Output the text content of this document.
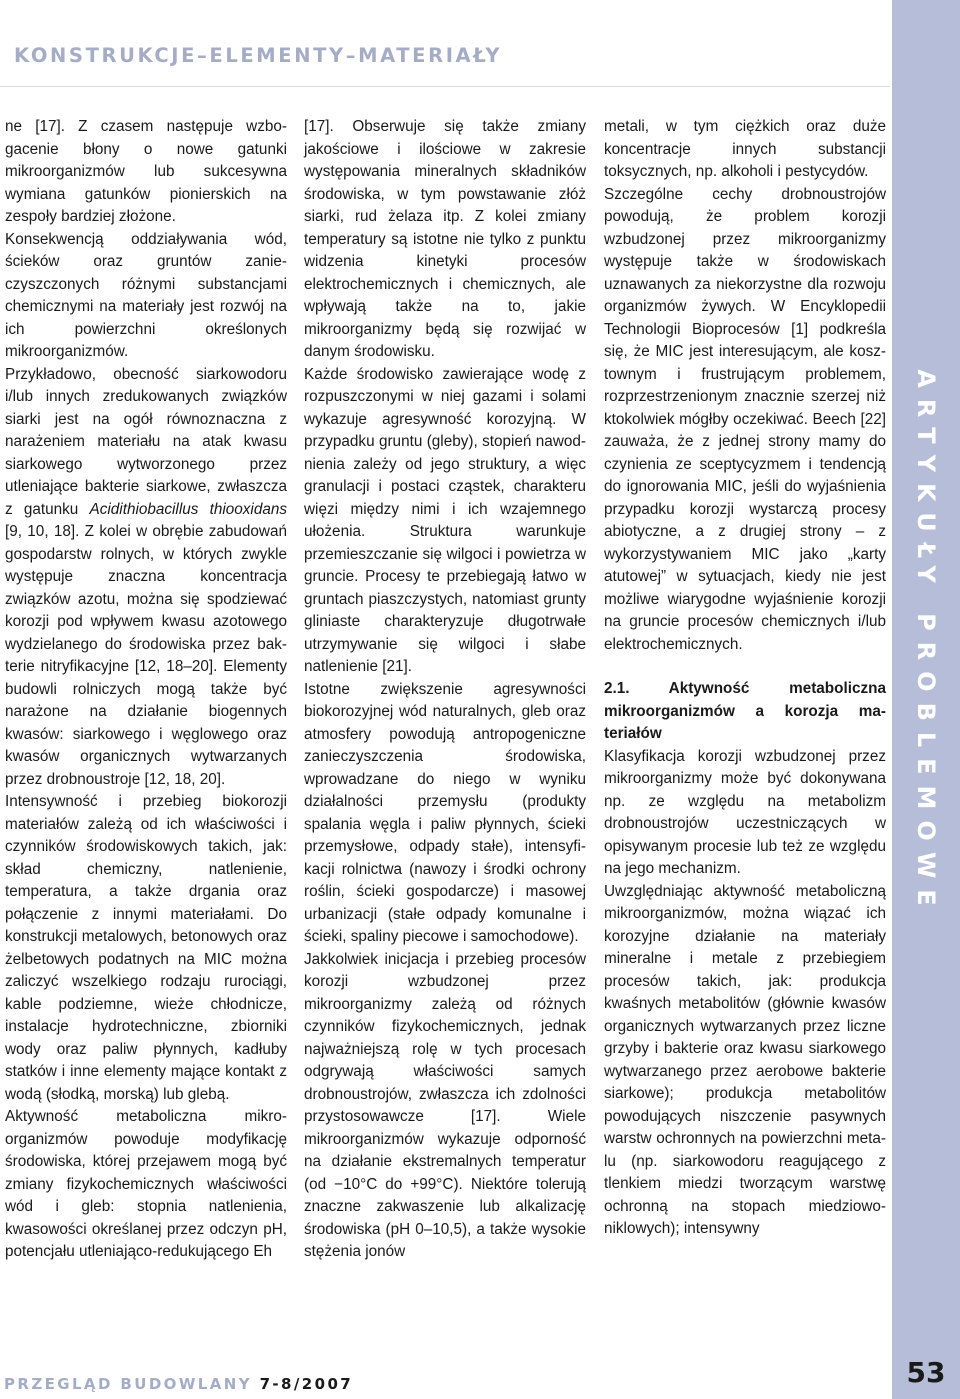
KONSTRUKCJE–ELEMENTY–MATERIAŁY
ARTYKUŁY PROBLEMOWE

ne [17]. Z czasem następuje wzbogacenie błony o nowe gatunki mikroorganizmów lub sukcesywna wymiana gatunków pionierskich na zespoły bardziej złożone.

Konsekwencją oddziaływania wód, ścieków oraz gruntów zanieczyszczonych różnymi substancjami chemicznymi na materiały jest rozwój na ich powierzchni określonych mikroorganizmów.

Przykładowo, obecność siarkowodoru i/lub innych zredukowanych związków siarki jest na ogół równoznaczna z narażeniem materiału na atak kwasu siarkowego wytworzonego przez utleniające bakterie siarkowe, zwłaszcza z gatunku Acidithiobacillus thiooxidans [9, 10, 18]. Z kolei w obrębie zabudowań gospodarstw rolnych, w których zwykle występuje znaczna koncentracja związków azotu, można się spodziewać korozji pod wpływem kwasu azotowego wydzielanego do środowiska przez bakterie nitryfikacyjne [12, 18–20]. Elementy budowli rolniczych mogą także być narażone na działanie biogennych kwasów: siarkowego i węglowego oraz kwasów organicznych wytwarzanych przez drobnoustroje [12, 18, 20].

Intensywność i przebieg biokorozji materiałów zależą od ich właściwości i czynników środowiskowych takich, jak: skład chemiczny, natlenienie, temperatura, a także drgania oraz połączenie z innymi materiałami. Do konstrukcji metalowych, betonowych oraz żelbetowych podatnych na MIC można zaliczyć wszelkiego rodzaju rurociągi, kable podziemne, wieże chłodnicze, instalacje hydrotechniczne, zbiorniki wody oraz paliw płynnych, kadłuby statków i inne elementy mające kontakt z wodą (słodką, morską) lub glebą.

Aktywność metaboliczna mikroorganizmów powoduje modyfikację środowiska, której przejawem mogą być zmiany fizykochemicznych właściwości wód i gleb: stopnia natlenienia, kwasowości określanej przez odczyn pH, potencjału utleniająco-redukującego Eh

[17]. Obserwuje się także zmiany jakościowe i ilościowe w zakresie występowania mineralnych składników środowiska, w tym powstawanie złóż siarki, rud żelaza itp. Z kolei zmiany temperatury są istotne nie tylko z punktu widzenia kinetyki procesów elektrochemicznych i chemicznych, ale wpływają także na to, jakie mikroorganizmy będą się rozwijać w danym środowisku.

Każde środowisko zawierające wodę z rozpuszczonymi w niej gazami i solami wykazuje agresywność korozyjną. W przypadku gruntu (gleby), stopień nawodnienia zależy od jego struktury, a więc granulacji i postaci cząstek, charakteru więzi między nimi i ich wzajemnego ułożenia. Struktura warunkuje przemieszczanie się wilgoci i powietrza w gruncie. Procesy te przebiegają łatwo w gruntach piaszczystych, natomiast grunty gliniaste charakteryzuje długotrwałe utrzymywanie się wilgoci i słabe natlenienie [21].

Istotne zwiększenie agresywności biokorozyjnej wód naturalnych, gleb oraz atmosfery powodują antropogeniczne zanieczyszczenia środowiska, wprowadzane do niego w wyniku działalności przemysłu (produkty spalania węgla i paliw płynnych, ścieki przemysłowe, odpady stałe), intensyfikacji rolnictwa (nawozy i środki ochrony roślin, ścieki gospodarcze) i masowej urbanizacji (stałe odpady komunalne i ścieki, spaliny piecowe i samochodowe).

Jakkolwiek inicjacja i przebieg procesów korozji wzbudzonej przez mikroorganizmy zależą od różnych czynników fizykochemicznych, jednak najważniejszą rolę w tych procesach odgrywają właściwości samych drobnoustrojów, zwłaszcza ich zdolności przystosowawcze [17]. Wiele mikroorganizmów wykazuje odporność na działanie ekstremalnych temperatur (od −10°C do +99°C). Niektóre tolerują znaczne zakwaszenie lub alkalizację środowiska (pH 0–10,5), a także wysokie stężenia jonów

metali, w tym ciężkich oraz duże koncentracje innych substancji toksycznych, np. alkoholi i pestycydów.

Szczególne cechy drobnoustrojów powodują, że problem korozji wzbudzonej przez mikroorganizmy występuje także w środowiskach uznawanych za niekorzystne dla rozwoju organizmów żywych. W Encyklopedii Technologii Bioprocesów [1] podkreśla się, że MIC jest interesującym, ale kosztownym i frustrującym problemem, rozprzestrzenionym znacznie szerzej niż ktokolwiek mógłby oczekiwać. Beech [22] zauważa, że z jednej strony mamy do czynienia ze sceptycyzmem i tendencją do ignorowania MIC, jeśli do wyjaśnienia przypadku korozji wystarczą procesy abiotyczne, a z drugiej strony – z wykorzystywaniem MIC jako „karty atutowej” w sytuacjach, kiedy nie jest możliwe wiarygodne wyjaśnienie korozji na gruncie procesów chemicznych i/lub elektrochemicznych.

2.1. Aktywność metaboliczna mikroorganizmów a korozja materiałów

Klasyfikacja korozji wzbudzonej przez mikroorganizmy może być dokonywana np. ze względu na metabolizm drobnoustrojów uczestniczących w opisywanym procesie lub też ze względu na jego mechanizm.

Uwzględniając aktywność metaboliczną mikroorganizmów, można wiązać ich korozyjne działanie na materiały mineralne i metale z przebiegiem procesów takich, jak: produkcja kwaśnych metabolitów (głównie kwasów organicznych wytwarzanych przez liczne grzyby i bakterie oraz kwasu siarkowego wytwarzanego przez aerobowe bakterie siarkowe); produkcja metabolitów powodujących niszczenie pasywnych warstw ochronnych na powierzchni metalu (np. siarkowodoru reagującego z tlenkiem miedzi tworzącym warstwę ochronną na stopach miedziowo-niklowych); intensywny

PRZEGLĄD BUDOWLANY 7-8/2007	53
